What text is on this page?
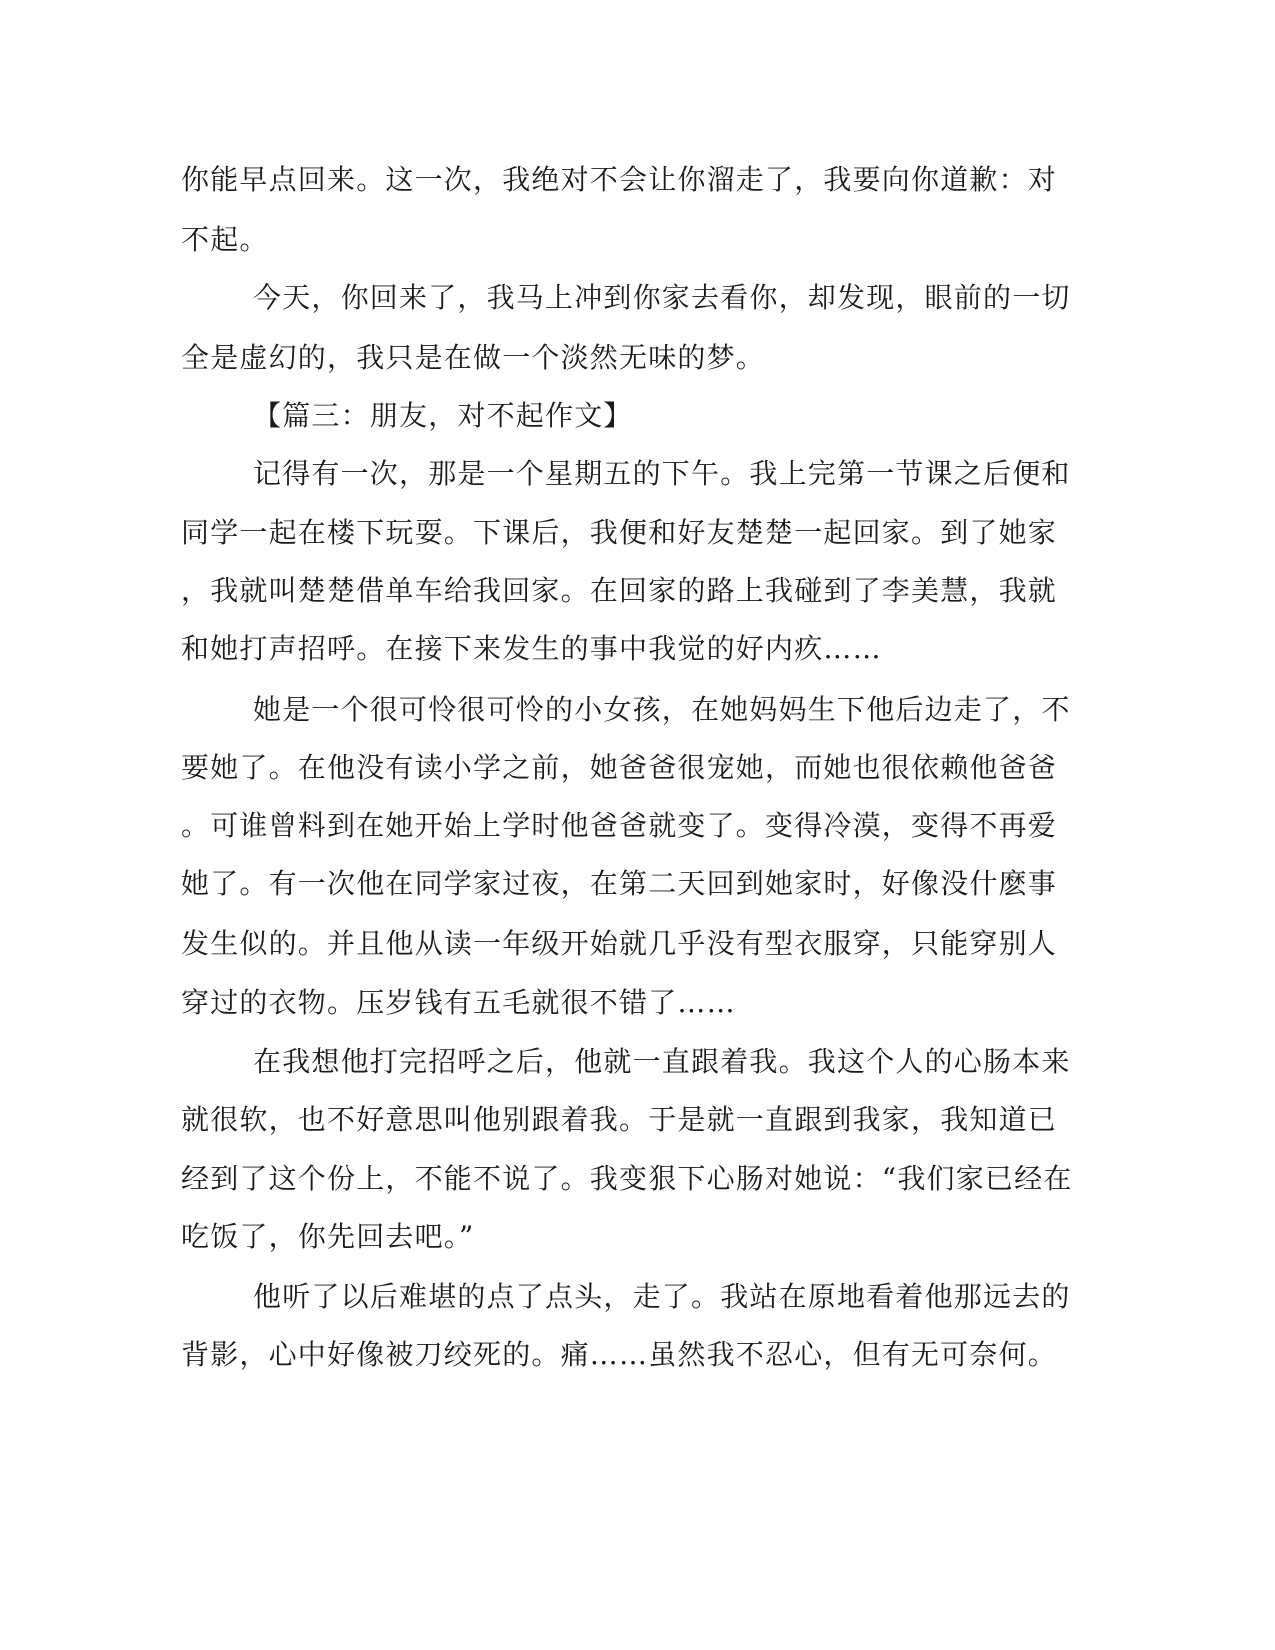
你能早点回来。这一次，我绝对不会让你溜走了，我要向你道歉：对
不起。
今天，你回来了，我马上冲到你家去看你，却发现，眼前的一切
全是虚幻的，我只是在做一个淡然无味的梦。
【篇三：朋友，对不起作文】
记得有一次，那是一个星期五的下午。我上完第一节课之后便和
同学一起在楼下玩耍。下课后，我便和好友楚楚一起回家。到了她家
，我就叫楚楚借单车给我回家。在回家的路上我碰到了李美慧，我就
和她打声招呼。在接下来发生的事中我觉的好内疚……
她是一个很可怜很可怜的小女孩，在她妈妈生下他后边走了，不
要她了。在他没有读小学之前，她爸爸很宠她，而她也很依赖他爸爸
。可谁曾料到在她开始上学时他爸爸就变了。变得冷漠，变得不再爱
她了。有一次他在同学家过夜，在第二天回到她家时，好像没什麽事
发生似的。并且他从读一年级开始就几乎没有型衣服穿，只能穿别人
穿过的衣物。压岁钱有五毛就很不错了……
在我想他打完招呼之后，他就一直跟着我。我这个人的心肠本来
就很软，也不好意思叫他别跟着我。于是就一直跟到我家，我知道已
经到了这个份上，不能不说了。我变狠下心肠对她说：“我们家已经在
吃饭了，你先回去吧。”
他听了以后难堪的点了点头，走了。我站在原地看着他那远去的
背影，心中好像被刀绞死的。痛……虽然我不忍心，但有无可奈何。
